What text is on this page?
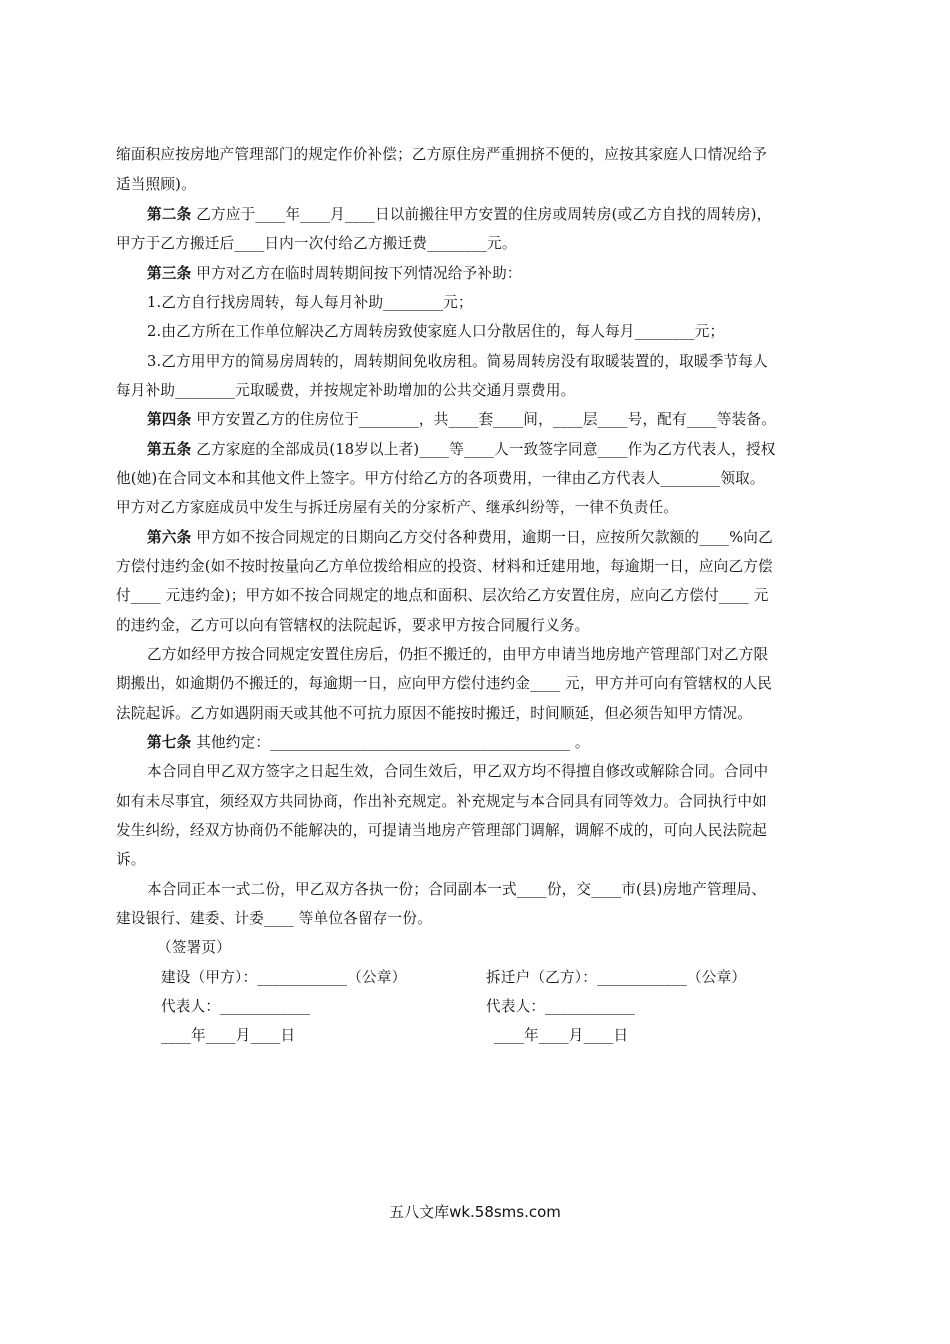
缩面积应按房地产管理部门的规定作价补偿；乙方原住房严重拥挤不便的，应按其家庭人口情况给予
适当照顾)。
第二条 乙方应于____年____月____日以前搬往甲方安置的住房或周转房(或乙方自找的周转房)，
甲方于乙方搬迁后____日内一次付给乙方搬迁费________元。
第三条 甲方对乙方在临时周转期间按下列情况给予补助：
1.乙方自行找房周转，每人每月补助________元；
2.由乙方所在工作单位解决乙方周转房致使家庭人口分散居住的，每人每月________元；
3.乙方用甲方的简易房周转的，周转期间免收房租。简易周转房没有取暖装置的，取暖季节每人
每月补助________元取暖费，并按规定补助增加的公共交通月票费用。
第四条 甲方安置乙方的住房位于________，共____套____间，____层____号，配有____等装备。
第五条 乙方家庭的全部成员(18岁以上者)____等____人一致签字同意____作为乙方代表人，授权
他(她)在合同文本和其他文件上签字。甲方付给乙方的各项费用，一律由乙方代表人________领取。
甲方对乙方家庭成员中发生与拆迁房屋有关的分家析产、继承纠纷等，一律不负责任。
第六条 甲方如不按合同规定的日期向乙方交付各种费用，逾期一日，应按所欠款额的____%向乙
方偿付违约金(如不按时按量向乙方单位拨给相应的投资、材料和迁建用地，每逾期一日，应向乙方偿
付____ 元违约金)；甲方如不按合同规定的地点和面积、层次给乙方安置住房，应向乙方偿付____ 元
的违约金，乙方可以向有管辖权的法院起诉，要求甲方按合同履行义务。
乙方如经甲方按合同规定安置住房后，仍拒不搬迁的，由甲方申请当地房地产管理部门对乙方限
期搬出，如逾期仍不搬迁的，每逾期一日，应向甲方偿付违约金____ 元，甲方并可向有管辖权的人民
法院起诉。乙方如遇阴雨天或其他不可抗力原因不能按时搬迁，时间顺延，但必须告知甲方情况。
第七条 其他约定：________________________________________ 。
本合同自甲乙双方签字之日起生效，合同生效后，甲乙双方均不得擅自修改或解除合同。合同中
如有未尽事宜，须经双方共同协商，作出补充规定。补充规定与本合同具有同等效力。合同执行中如
发生纠纷，经双方协商仍不能解决的，可提请当地房产管理部门调解，调解不成的，可向人民法院起
诉。
本合同正本一式二份，甲乙双方各执一份；合同副本一式____份，交____市(县)房地产管理局、
建设银行、建委、计委____ 等单位各留存一份。
（签署页）
建设（甲方）：____________（公章）	拆迁户（乙方）：____________（公章）
代表人：____________	代表人：____________
____年____月____日	____年____月____日
五八文库wk.58sms.com
